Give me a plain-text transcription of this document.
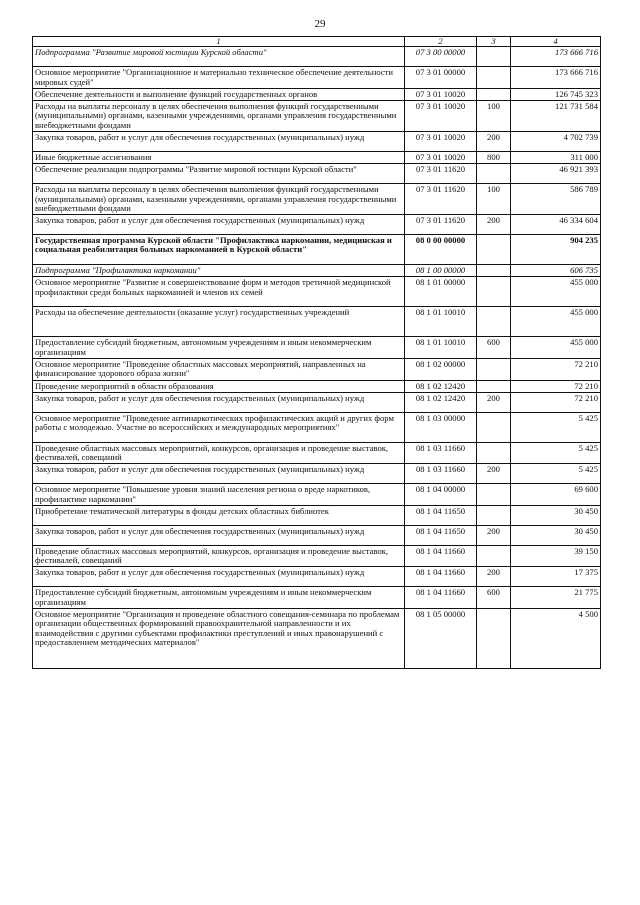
29
1	2	3	4
Подпрограмма "Развитие мировой юстиции Курской области"	07 3 00 00000		173 666 716
Основное мероприятие "Организационное и материально техническое обеспечение деятельности мировых судей"	07 3 01 00000		173 666 716
Обеспечение деятельности и выполнение функций государственных органов	07 3 01 10020		126 745 323
Расходы на выплаты персоналу в целях обеспечения выполнения функций государственными (муниципальными) органами, казенными учреждениями, органами управления государственными внебюджетными фондами	07 3 01 10020	100	121 731 584
Закупка товаров, работ и услуг для обеспечения государственных (муниципальных) нужд	07 3 01 10020	200	4 702 739
Иные бюджетные ассигнования	07 3 01 10020	800	311 000
Обеспечение реализации подпрограммы "Развитие мировой юстиции Курской области"	07 3 01 11620		46 921 393
Расходы на выплаты персоналу в целях обеспечения выполнения функций государственными (муниципальными) органами, казенными учреждениями, органами управления государственными внебюджетными фондами	07 3 01 11620	100	586 789
Закупка товаров, работ и услуг для обеспечения государственных (муниципальных) нужд	07 3 01 11620	200	46 334 604
Государственная программа Курской области "Профилактика наркомании, медицинская и социальная реабилитация больных наркоманией в Курской области"	08 0 00 00000		904 235
Подпрограмма "Профилактика наркомании"	08 1 00 00000		606 735
Основное мероприятие "Развитие и совершенствование форм и методов третичной медицинской профилактики среди больных наркоманией и членов их семей	08 1 01 00000		455 000
Расходы на обеспечение деятельности (оказание услуг) государственных учреждений	08 1 01 10010		455 000
Предоставление субсидий бюджетным, автономным учреждениям и иным некоммерческим организациям	08 1 01 10010	600	455 000
Основное мероприятие "Проведение областных массовых мероприятий, направленных на финансирование здорового образа жизни"	08 1 02 00000		72 210
Проведение мероприятий в области образования	08 1 02 12420		72 210
Закупка товаров, работ и услуг для обеспечения государственных (муниципальных) нужд	08 1 02 12420	200	72 210
Основное мероприятие "Проведение антинаркотических профилактических акций и других форм работы с молодежью. Участие во всероссийских и международных мероприятиях"	08 1 03 00000		5 425
Проведение областных массовых мероприятий, конкурсов, организация и проведение выставок, фестивалей, совещаний	08 1 03 11660		5 425
Закупка товаров, работ и услуг для обеспечения государственных (муниципальных) нужд	08 1 03 11660	200	5 425
Основное мероприятие "Повышение уровня знаний населения региона о вреде наркотиков, профилактике наркомании"	08 1 04 00000		69 600
Приобретение тематической литературы в фонды детских областных библиотек	08 1 04 11650		30 450
Закупка товаров, работ и услуг для обеспечения государственных (муниципальных) нужд	08 1 04 11650	200	30 450
Проведение областных массовых мероприятий, конкурсов, организация и проведение выставок, фестивалей, совещаний	08 1 04 11660		39 150
Закупка товаров, работ и услуг для обеспечения государственных (муниципальных) нужд	08 1 04 11660	200	17 375
Предоставление субсидий бюджетным, автономным учреждениям и иным некоммерческим организациям	08 1 04 11660	600	21 775
Основное мероприятие "Организация и проведение областного совещания-семинара по проблемам организации общественных формирований правоохранительной направленности и их взаимодействия с другими субъектами профилактики преступлений и иных правонарушений с предоставлением методических материалов"	08 1 05 00000		4 500
